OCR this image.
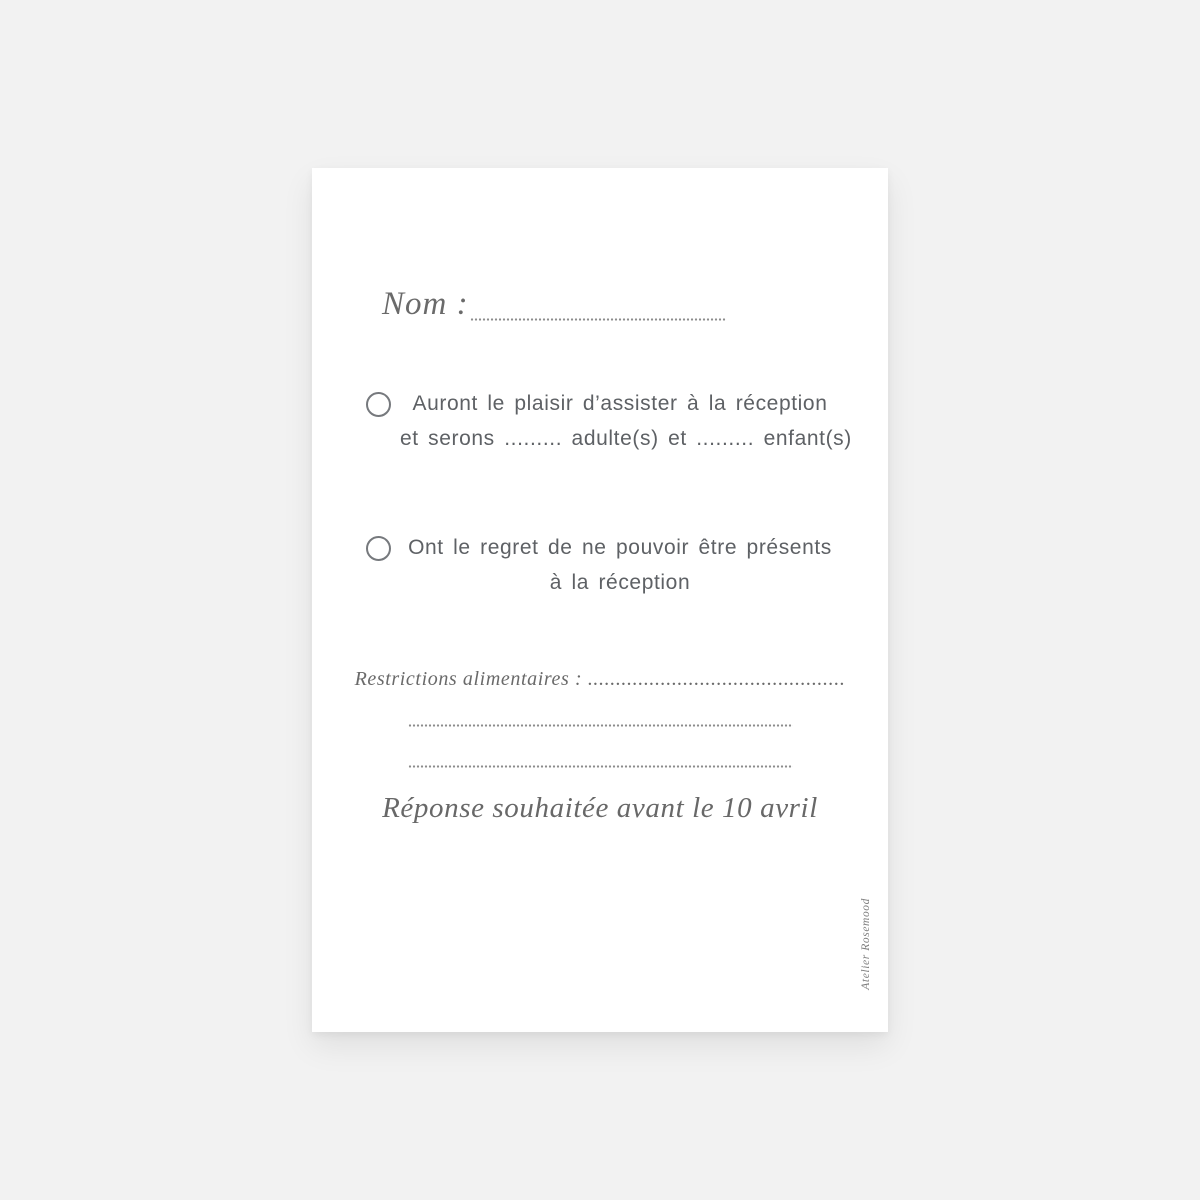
Nom :
Auront le plaisir d’assister à la réception
et serons ......... adulte(s) et ......... enfant(s)
Ont le regret de ne pouvoir être présents
à la réception
Restrictions alimentaires : ..............................................
Réponse souhaitée avant le 10 avril
Atelier Rosemood
